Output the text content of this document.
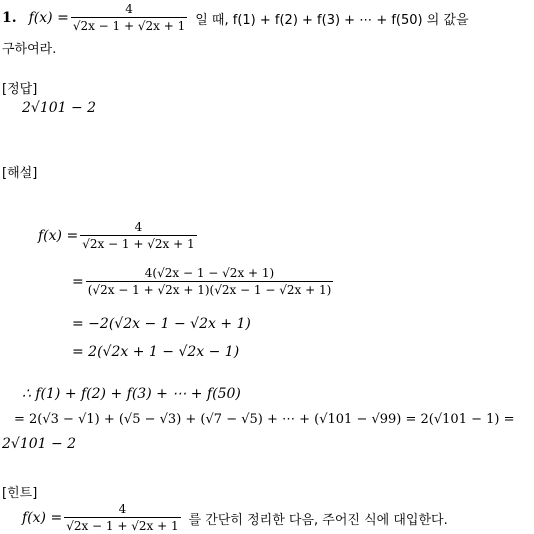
1. $f(x) = \frac{4}{√2x - 1 + √2x + 1}$ 일 때, f(1) + f(2) + f(3) + ⋯ + f(50) 의 값을
구하여라.
[정답]
2√101 − 2
[해설]
$f(x) = \frac{4}{√2x - 1 + √2x + 1}$
= $\frac{4(√2x - 1 - √2x + 1)}{(√2x - 1 + √2x + 1)(√2x - 1 - √2x + 1)}$
= −2(√2x − 1 − √2x + 1)
= 2(√2x + 1 − √2x − 1)
∴ f(1) + f(2) + f(3) + ⋯ + f(50)
= 2(√3 − √1) + (√5 − √3) + (√7 − √5) + ⋯ + (√101 − √99) = 2(√101 − 1) =
2√101 − 2
[힌트]
$f(x) = \frac{4}{√2x - 1 + √2x + 1}$ 를 간단히 정리한 다음, 주어진 식에 대입한다.
